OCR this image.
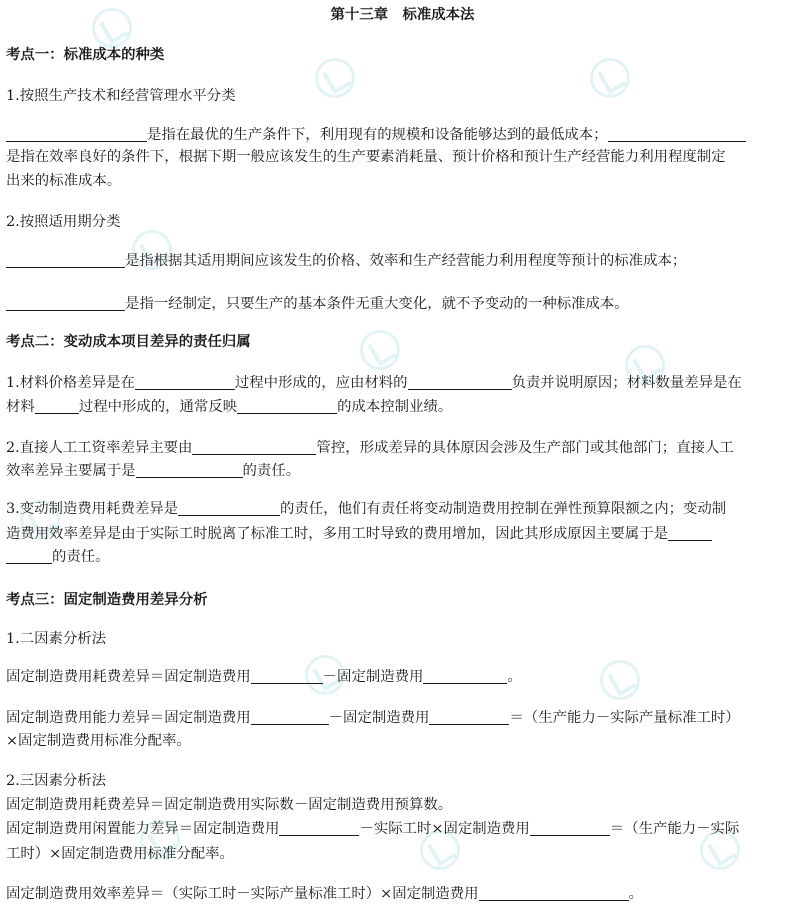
第十三章　标准成本法

考点一：标准成本的种类

1.按照生产技术和经营管理水平分类

是指在最优的生产条件下，利用现有的规模和设备能够达到的最低成本；

是指在效率良好的条件下，根据下期一般应该发生的生产要素消耗量、预计价格和预计生产经营能力利用程度制定

出来的标准成本。

2.按照适用期分类

是指根据其适用期间应该发生的价格、效率和生产经营能力利用程度等预计的标准成本；

是指一经制定，只要生产的基本条件无重大变化，就不予变动的一种标准成本。

考点二：变动成本项目差异的责任归属

1.材料价格差异是在	过程中形成的，应由材料的	负责并说明原因；材料数量差异是在

材料	过程中形成的，通常反映	的成本控制业绩。

2.直接人工工资率差异主要由	管控，形成差异的具体原因会涉及生产部门或其他部门；直接人工

效率差异主要属于是	的责任。

3.变动制造费用耗费差异是	的责任，他们有责任将变动制造费用控制在弹性预算限额之内；变动制

造费用效率差异是由于实际工时脱离了标准工时，多用工时导致的费用增加，因此其形成原因主要属于是

的责任。

考点三：固定制造费用差异分析

1.二因素分析法

固定制造费用耗费差异＝固定制造费用	－固定制造费用	。

固定制造费用能力差异＝固定制造费用	－固定制造费用	＝（生产能力－实际产量标准工时）

×固定制造费用标准分配率。

2.三因素分析法

固定制造费用耗费差异＝固定制造费用实际数－固定制造费用预算数。

固定制造费用闲置能力差异＝固定制造费用	－实际工时×固定制造费用	＝（生产能力－实际

工时）×固定制造费用标准分配率。

固定制造费用效率差异＝（实际工时－实际产量标准工时）×固定制造费用	。
